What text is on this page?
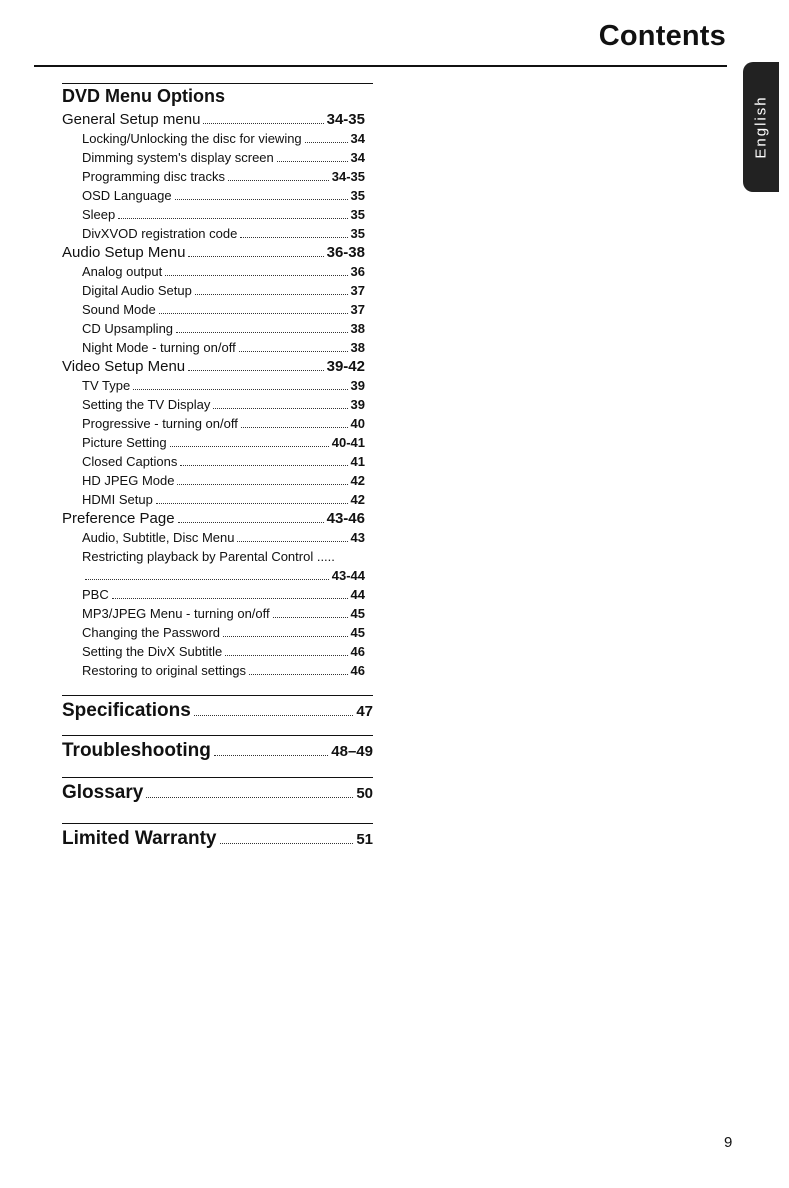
Contents
English
DVD Menu Options
General Setup menu	34-35
Locking/Unlocking the disc for viewing	34
Dimming system's display screen	34
Programming disc tracks	34-35
OSD Language	35
Sleep	35
DivXVOD registration code	35
Audio Setup Menu	36-38
Analog output	36
Digital Audio Setup	37
Sound Mode	37
CD Upsampling	38
Night Mode - turning on/off	38
Video Setup Menu	39-42
TV Type	39
Setting the TV Display	39
Progressive - turning on/off	40
Picture Setting	40-41
Closed Captions	41
HD JPEG Mode	42
HDMI Setup	42
Preference Page	43-46
Audio, Subtitle, Disc Menu	43
Restricting playback by Parental Control .....
43-44
PBC	44
MP3/JPEG Menu - turning on/off	45
Changing the Password	45
Setting the DivX Subtitle	46
Restoring to original settings	46
Specifications	47
Troubleshooting	48–49
Glossary	50
Limited Warranty	51
9
